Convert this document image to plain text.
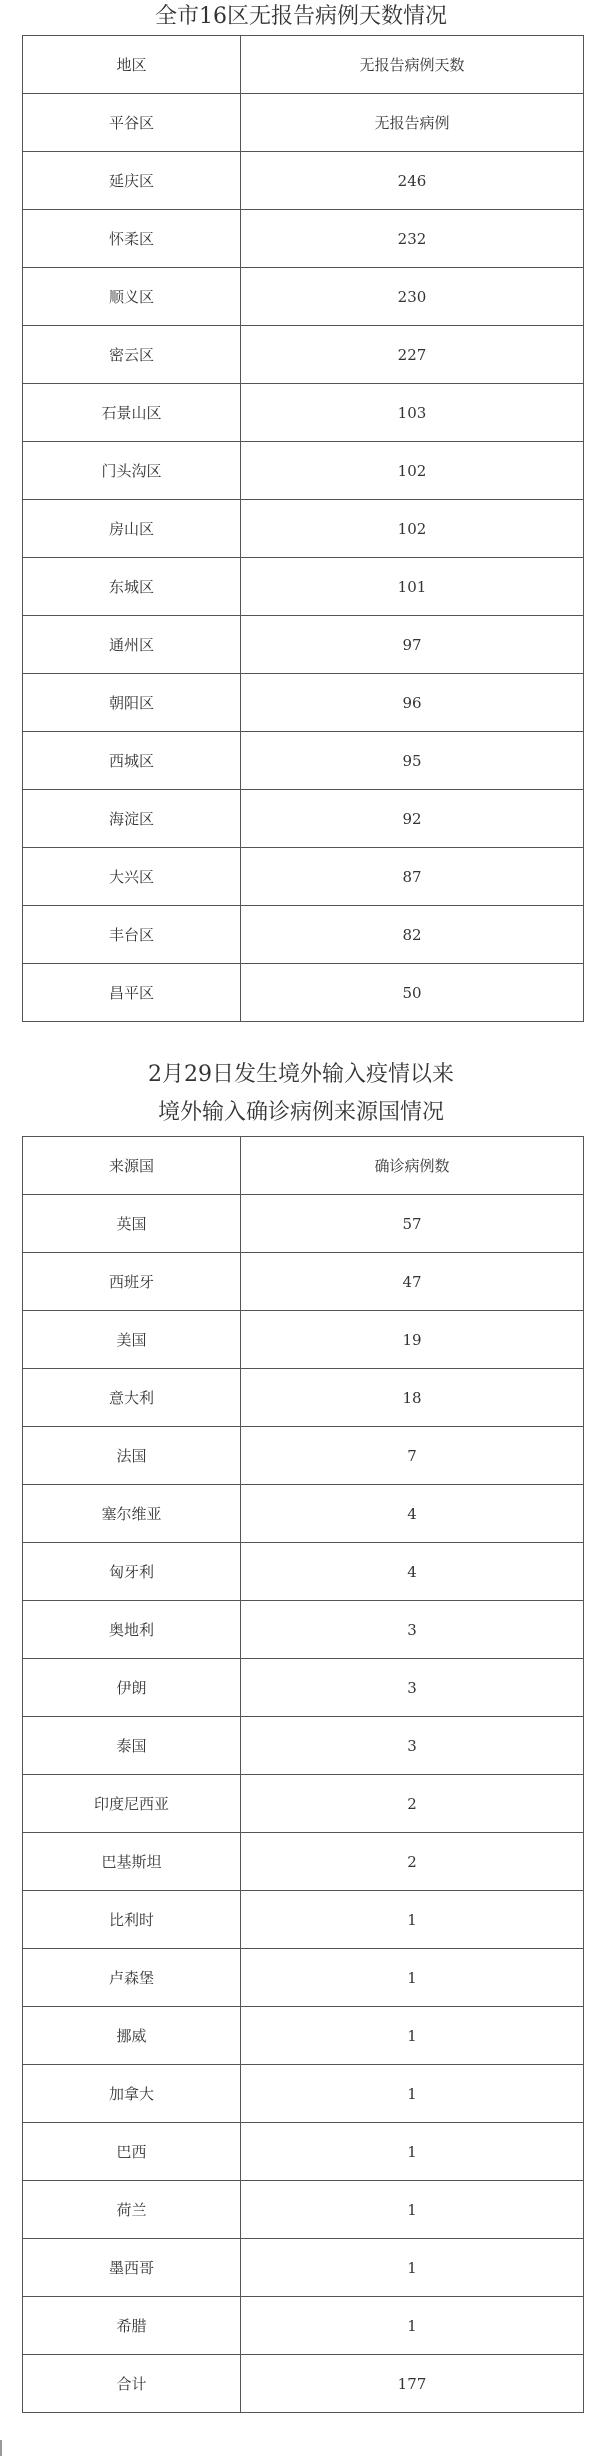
全市16区无报告病例天数情况
地区	无报告病例天数
平谷区	无报告病例
延庆区	246
怀柔区	232
顺义区	230
密云区	227
石景山区	103
门头沟区	102
房山区	102
东城区	101
通州区	97
朝阳区	96
西城区	95
海淀区	92
大兴区	87
丰台区	82
昌平区	50
2月29日发生境外输入疫情以来
境外输入确诊病例来源国情况
来源国	确诊病例数
英国	57
西班牙	47
美国	19
意大利	18
法国	7
塞尔维亚	4
匈牙利	4
奥地利	3
伊朗	3
泰国	3
印度尼西亚	2
巴基斯坦	2
比利时	1
卢森堡	1
挪威	1
加拿大	1
巴西	1
荷兰	1
墨西哥	1
希腊	1
合计	177
